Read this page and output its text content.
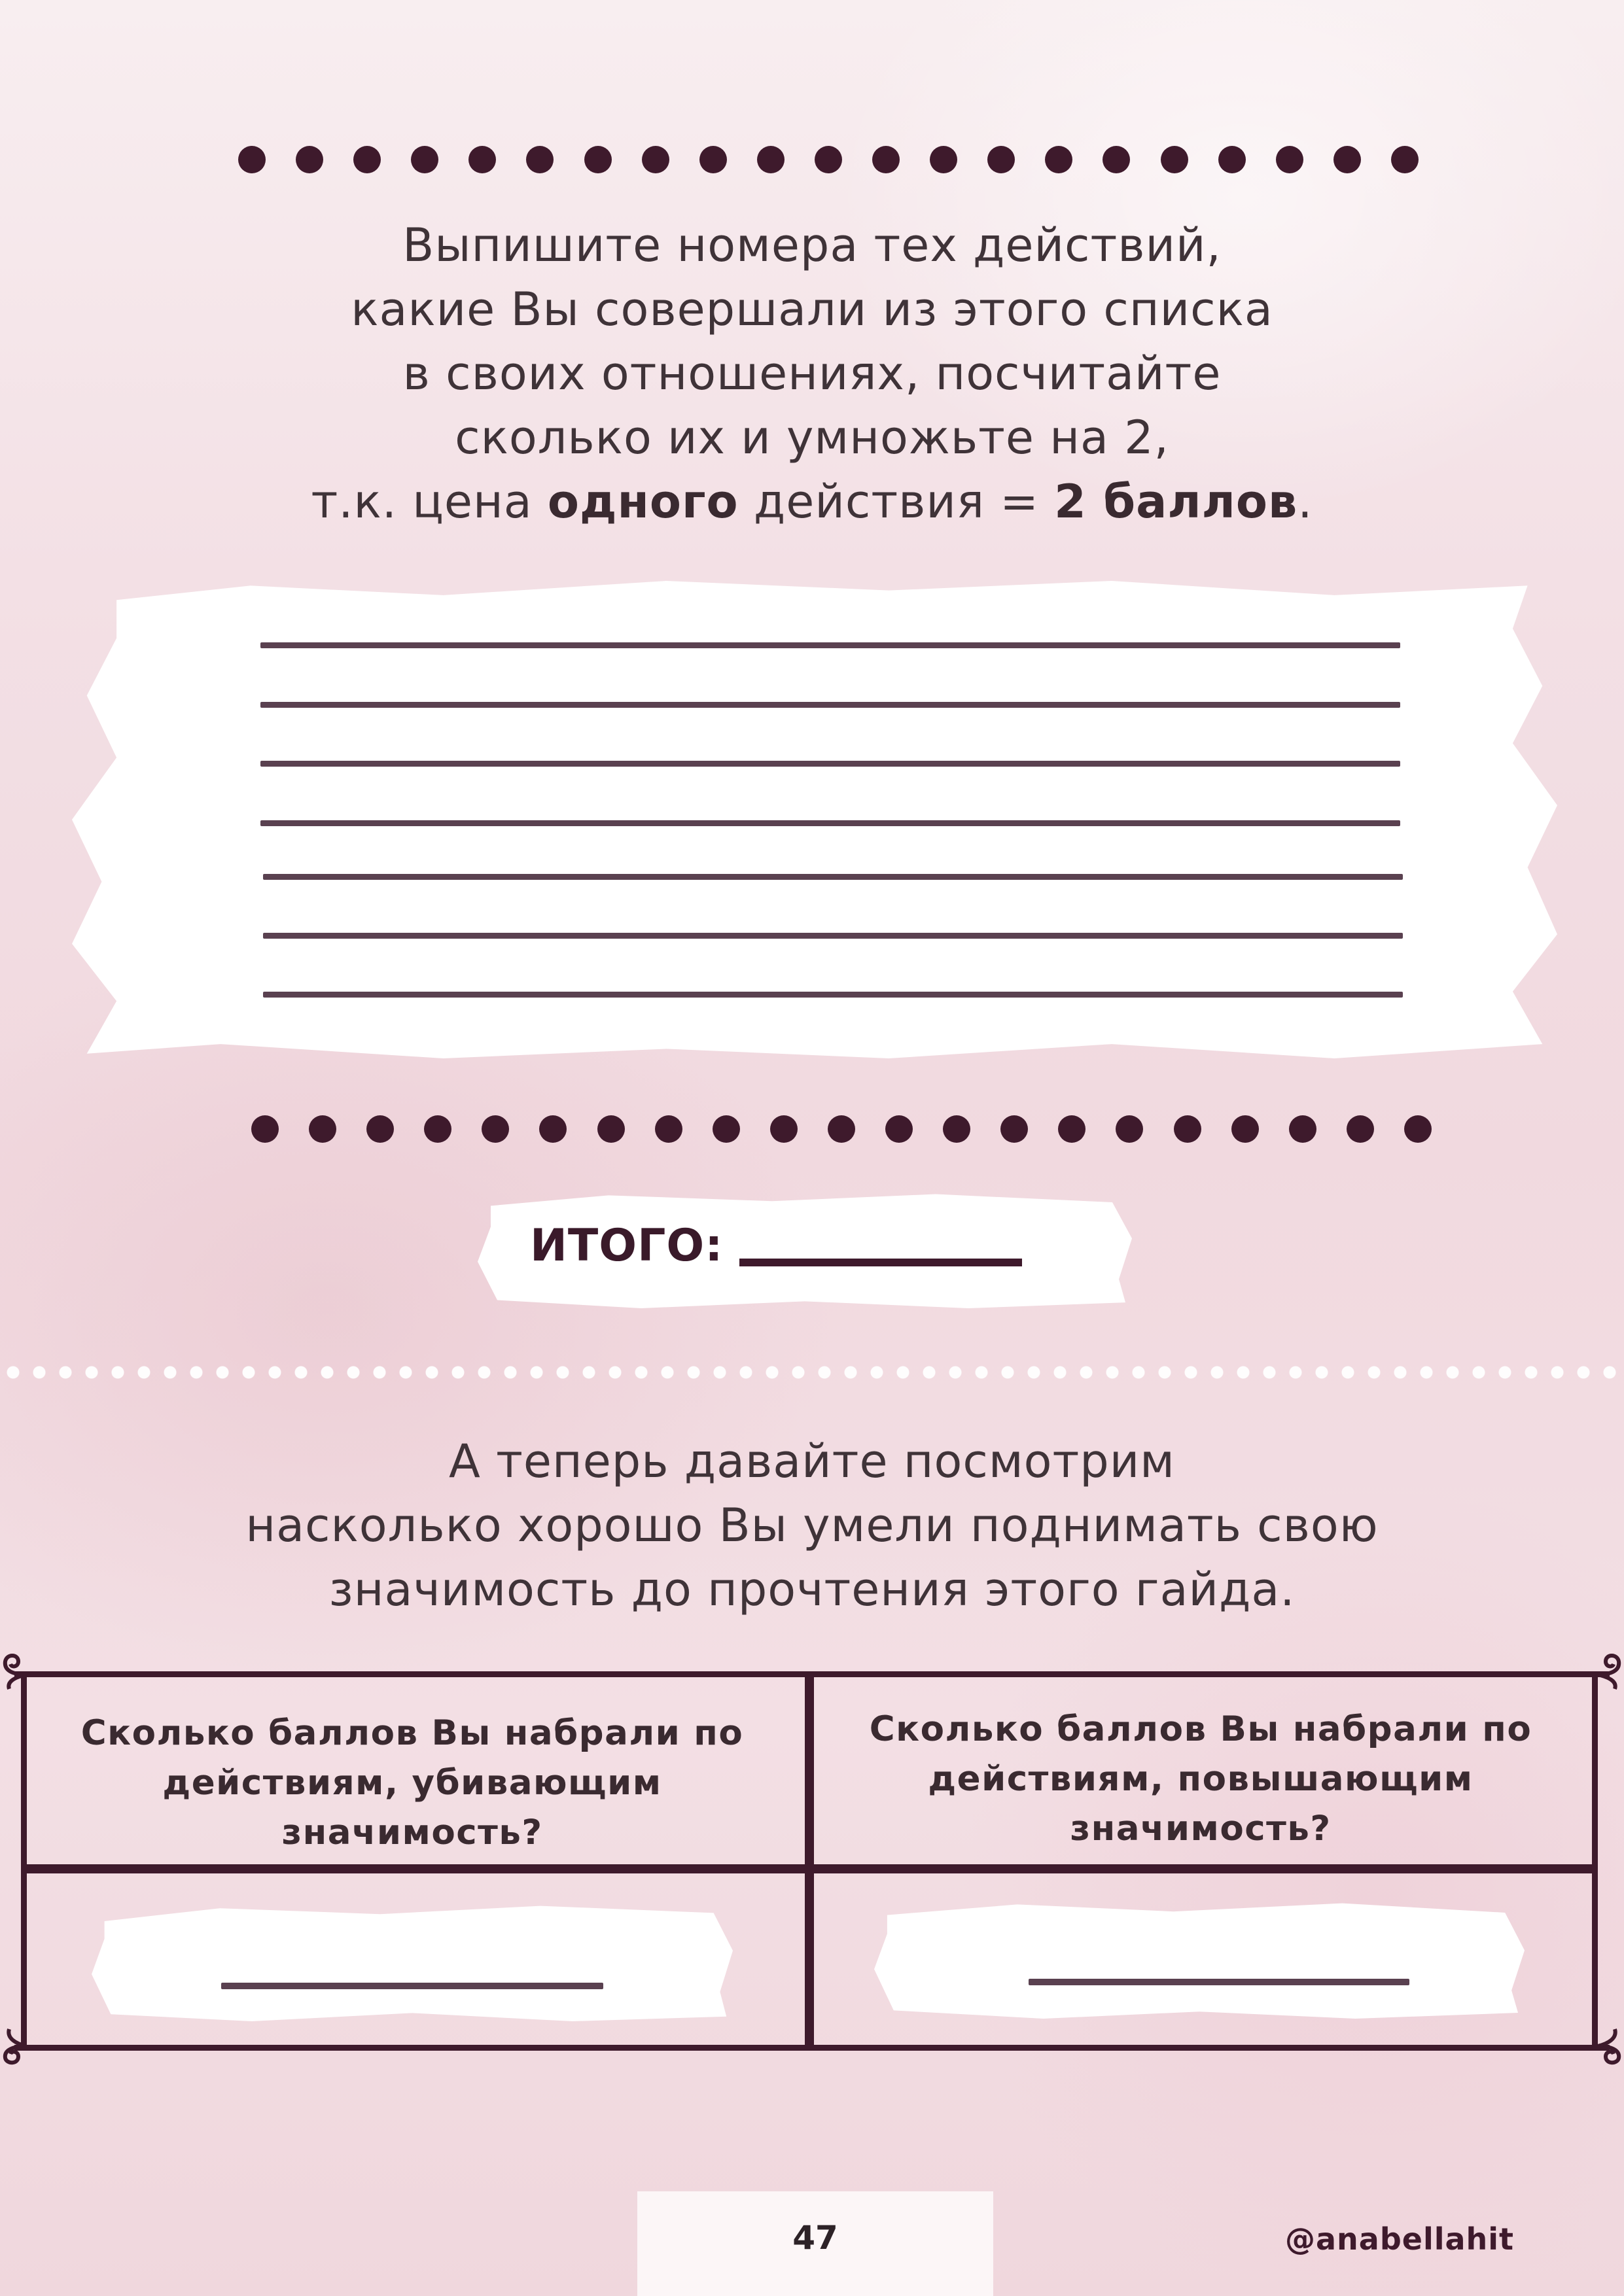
Выпишите номера тех действий,
какие Вы совершали из этого списка
в своих отношениях, посчитайте
сколько их и умножьте на 2,
т.к. цена одного действия = 2 баллов.
ИТОГО:
А теперь давайте посмотрим
насколько хорошо Вы умели поднимать свою
значимость до прочтения этого гайда.
Сколько баллов Вы набрали по
действиям, убивающим
значимость?
Сколько баллов Вы набрали по
действиям, повышающим
значимость?
47	@anabellahit
